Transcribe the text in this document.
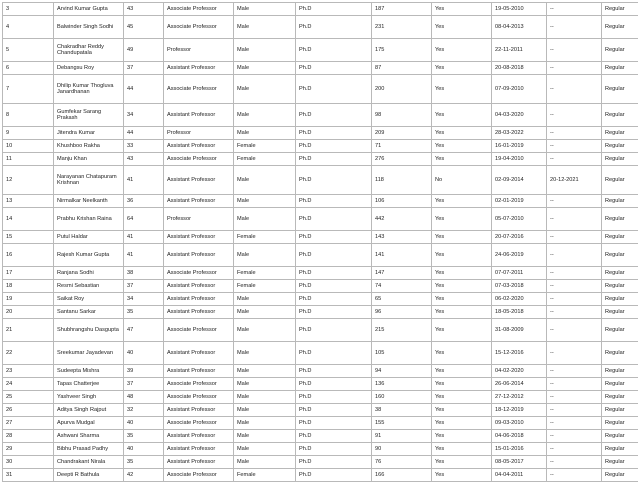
3	Arvind Kumar Gupta	43	Associate Professor	Male	Ph.D	187	Yes	19-05-2010	--	Regular
4	Balwinder Singh Sodhi	45	Associate Professor	Male	Ph.D	231	Yes	08-04-2013	--	Regular
5	Chakradhar Reddy Chandupatala	49	Professor	Male	Ph.D	175	Yes	22-11-2011	--	Regular
6	Debangsu Roy	37	Assistant Professor	Male	Ph.D	87	Yes	20-08-2018	--	Regular
7	Dhilip Kumar Thogluva Janardhanan	44	Associate Professor	Male	Ph.D	200	Yes	07-09-2010	--	Regular
8	Gumfekar Sarang Prakash	34	Assistant Professor	Male	Ph.D	98	Yes	04-03-2020	--	Regular
9	Jitendra Kumar	44	Professor	Male	Ph.D	209	Yes	28-03-2022	--	Regular
10	Khushboo Rakha	33	Assistant Professor	Female	Ph.D	71	Yes	16-01-2019	--	Regular
11	Manju Khan	43	Associate Professor	Female	Ph.D	276	Yes	19-04-2010	--	Regular
12	Narayanan Chatapuram Krishnan	41	Assistant Professor	Male	Ph.D	118	No	02-09-2014	20-12-2021	Regular
13	Nirmalkar Neelkanth	36	Assistant Professor	Male	Ph.D	106	Yes	02-01-2019	--	Regular
14	Prabhu Krishan Raina	64	Professor	Male	Ph.D	442	Yes	05-07-2010	--	Regular
15	Putul Haldar	41	Assistant Professor	Female	Ph.D	143	Yes	20-07-2016	--	Regular
16	Rajesh Kumar Gupta	41	Assistant Professor	Male	Ph.D	141	Yes	24-06-2019	--	Regular
17	Ranjana Sodhi	38	Associate Professor	Female	Ph.D	147	Yes	07-07-2011	--	Regular
18	Resmi Sebastian	37	Assistant Professor	Female	Ph.D	74	Yes	07-03-2018	--	Regular
19	Saikat Roy	34	Assistant Professor	Male	Ph.D	65	Yes	06-02-2020	--	Regular
20	Santanu Sarkar	35	Assistant Professor	Male	Ph.D	96	Yes	18-05-2018	--	Regular
21	Shubhrangshu Dasgupta	47	Associate Professor	Male	Ph.D	215	Yes	31-08-2009	--	Regular
22	Sreekumar Jayadevan	40	Assistant Professor	Male	Ph.D	105	Yes	15-12-2016	--	Regular
23	Sudeepta Mishra	39	Assistant Professor	Male	Ph.D	94	Yes	04-02-2020	--	Regular
24	Tapas Chatterjee	37	Associate Professor	Male	Ph.D	136	Yes	26-06-2014	--	Regular
25	Yashveer Singh	48	Associate Professor	Male	Ph.D	160	Yes	27-12-2012	--	Regular
26	Aditya Singh Rajput	32	Assistant Professor	Male	Ph.D	38	Yes	18-12-2019	--	Regular
27	Apurva Mudgal	40	Associate Professor	Male	Ph.D	155	Yes	09-03-2010	--	Regular
28	Ashwani Sharma	35	Assistant Professor	Male	Ph.D	91	Yes	04-06-2018	--	Regular
29	Bibhu Prasad Padhy	40	Assistant Professor	Male	Ph.D	90	Yes	15-01-2016	--	Regular
30	Chandrakant Nirala	35	Assistant Professor	Male	Ph.D	76	Yes	08-05-2017	--	Regular
31	Deepti R Bathula	42	Associate Professor	Female	Ph.D	166	Yes	04-04-2011	--	Regular
